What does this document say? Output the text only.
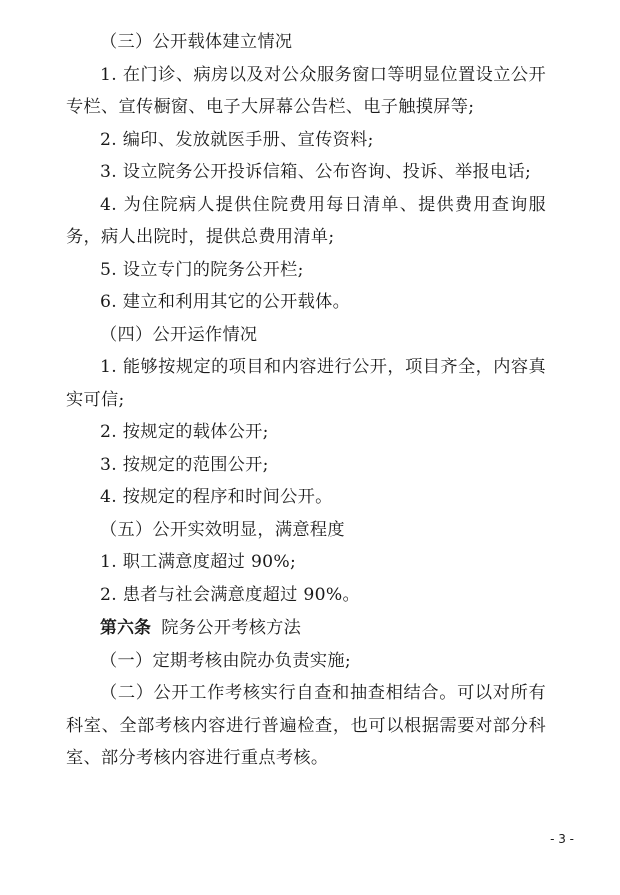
（三）公开载体建立情况

1. 在门诊、病房以及对公众服务窗口等明显位置设立公开专栏、宣传橱窗、电子大屏幕公告栏、电子触摸屏等;

2. 编印、发放就医手册、宣传资料;

3. 设立院务公开投诉信箱、公布咨询、投诉、举报电话;

4. 为住院病人提供住院费用每日清单、提供费用查询服务，病人出院时，提供总费用清单;

5. 设立专门的院务公开栏;

6. 建立和利用其它的公开载体。

（四）公开运作情况

1. 能够按规定的项目和内容进行公开，项目齐全，内容真实可信;

2. 按规定的载体公开;

3. 按规定的范围公开;

4. 按规定的程序和时间公开。

（五）公开实效明显，满意程度

1. 职工满意度超过 90%;

2. 患者与社会满意度超过 90%。

第六条 院务公开考核方法

（一）定期考核由院办负责实施;

（二）公开工作考核实行自查和抽查相结合。可以对所有科室、全部考核内容进行普遍检查，也可以根据需要对部分科室、部分考核内容进行重点考核。

- 3 -
